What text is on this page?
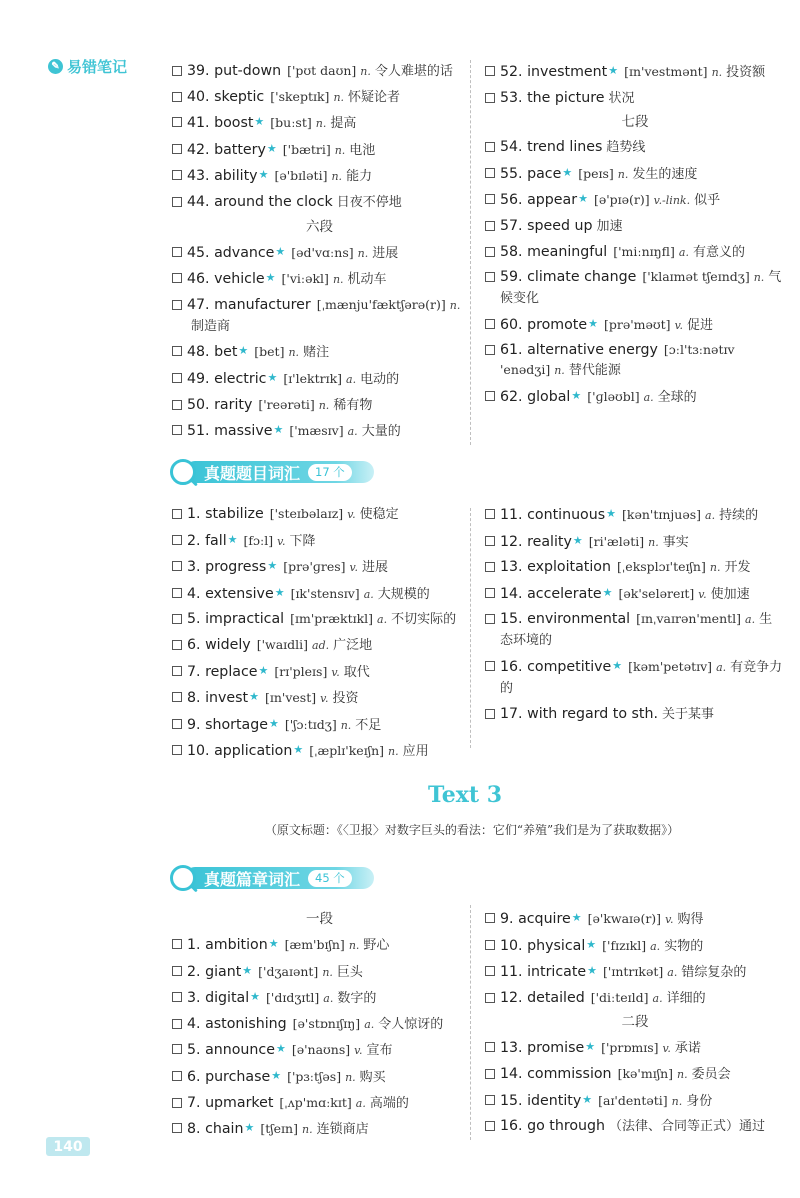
✎ 易错笔记	39. put-down ['pʊt daʊn] n. 令人难堪的话
40. skeptic ['skeptɪk] n. 怀疑论者
41. boost★ [buːst] n. 提高
42. battery★ ['bætri] n. 电池
43. ability★ [ə'bɪləti] n. 能力
44. around the clock 日夜不停地
六段
45. advance★ [əd'vɑːns] n. 进展
46. vehicle★ ['viːəkl] n. 机动车
47. manufacturer [ˌmænju'fæktʃərə(r)] n.制造商
48. bet★ [bet] n. 赌注
49. electric★ [ɪ'lektrɪk] a. 电动的
50. rarity ['reərəti] n. 稀有物
51. massive★ ['mæsɪv] a. 大量的
52. investment★ [ɪn'vestmənt] n. 投资额
53. the picture 状况
七段
54. trend lines 趋势线
55. pace★ [peɪs] n. 发生的速度
56. appear★ [ə'pɪə(r)] v.-link. 似乎
57. speed up 加速
58. meaningful ['miːnɪŋfl] a. 有意义的
59. climate change ['klaɪmət tʃeɪndʒ] n. 气候变化
60. promote★ [prə'məʊt] v. 促进
61. alternative energy [ɔːl'tɜːnətɪv 'enədʒi] n. 替代能源
62. global★ ['ɡləʊbl] a. 全球的
真题题目词汇	17 个
1. stabilize ['steɪbəlaɪz] v. 使稳定
2. fall★ [fɔːl] v. 下降
3. progress★ [prə'ɡres] v. 进展
4. extensive★ [ɪk'stensɪv] a. 大规模的
5. impractical [ɪm'præktɪkl] a. 不切实际的
6. widely ['waɪdli] ad. 广泛地
7. replace★ [rɪ'pleɪs] v. 取代
8. invest★ [ɪn'vest] v. 投资
9. shortage★ ['ʃɔːtɪdʒ] n. 不足
10. application★ [ˌæplɪ'keɪʃn] n. 应用
11. continuous★ [kən'tɪnjuəs] a. 持续的
12. reality★ [ri'æləti] n. 事实
13. exploitation [ˌeksplɔɪ'teɪʃn] n. 开发
14. accelerate★ [ək'seləreɪt] v. 使加速
15. environmental [ɪnˌvaɪrən'mentl] a. 生态环境的
16. competitive★ [kəm'petətɪv] a. 有竞争力的
17. with regard to sth. 关于某事
Text 3
（原文标题：《〈卫报〉对数字巨头的看法：它们“养殖”我们是为了获取数据》）
真题篇章词汇	45 个
一段
1. ambition★ [æm'bɪʃn] n. 野心
2. giant★ ['dʒaɪənt] n. 巨头
3. digital★ ['dɪdʒɪtl] a. 数字的
4. astonishing [ə'stɒnɪʃɪŋ] a. 令人惊讶的
5. announce★ [ə'naʊns] v. 宣布
6. purchase★ ['pɜːtʃəs] n. 购买
7. upmarket [ˌʌp'mɑːkɪt] a. 高端的
8. chain★ [tʃeɪn] n. 连锁商店
9. acquire★ [ə'kwaɪə(r)] v. 购得
10. physical★ ['fɪzɪkl] a. 实物的
11. intricate★ ['ɪntrɪkət] a. 错综复杂的
12. detailed ['diːteɪld] a. 详细的
二段
13. promise★ ['prɒmɪs] v. 承诺
14. commission [kə'mɪʃn] n. 委员会
15. identity★ [aɪ'dentəti] n. 身份
16. go through （法律、合同等正式）通过
140
